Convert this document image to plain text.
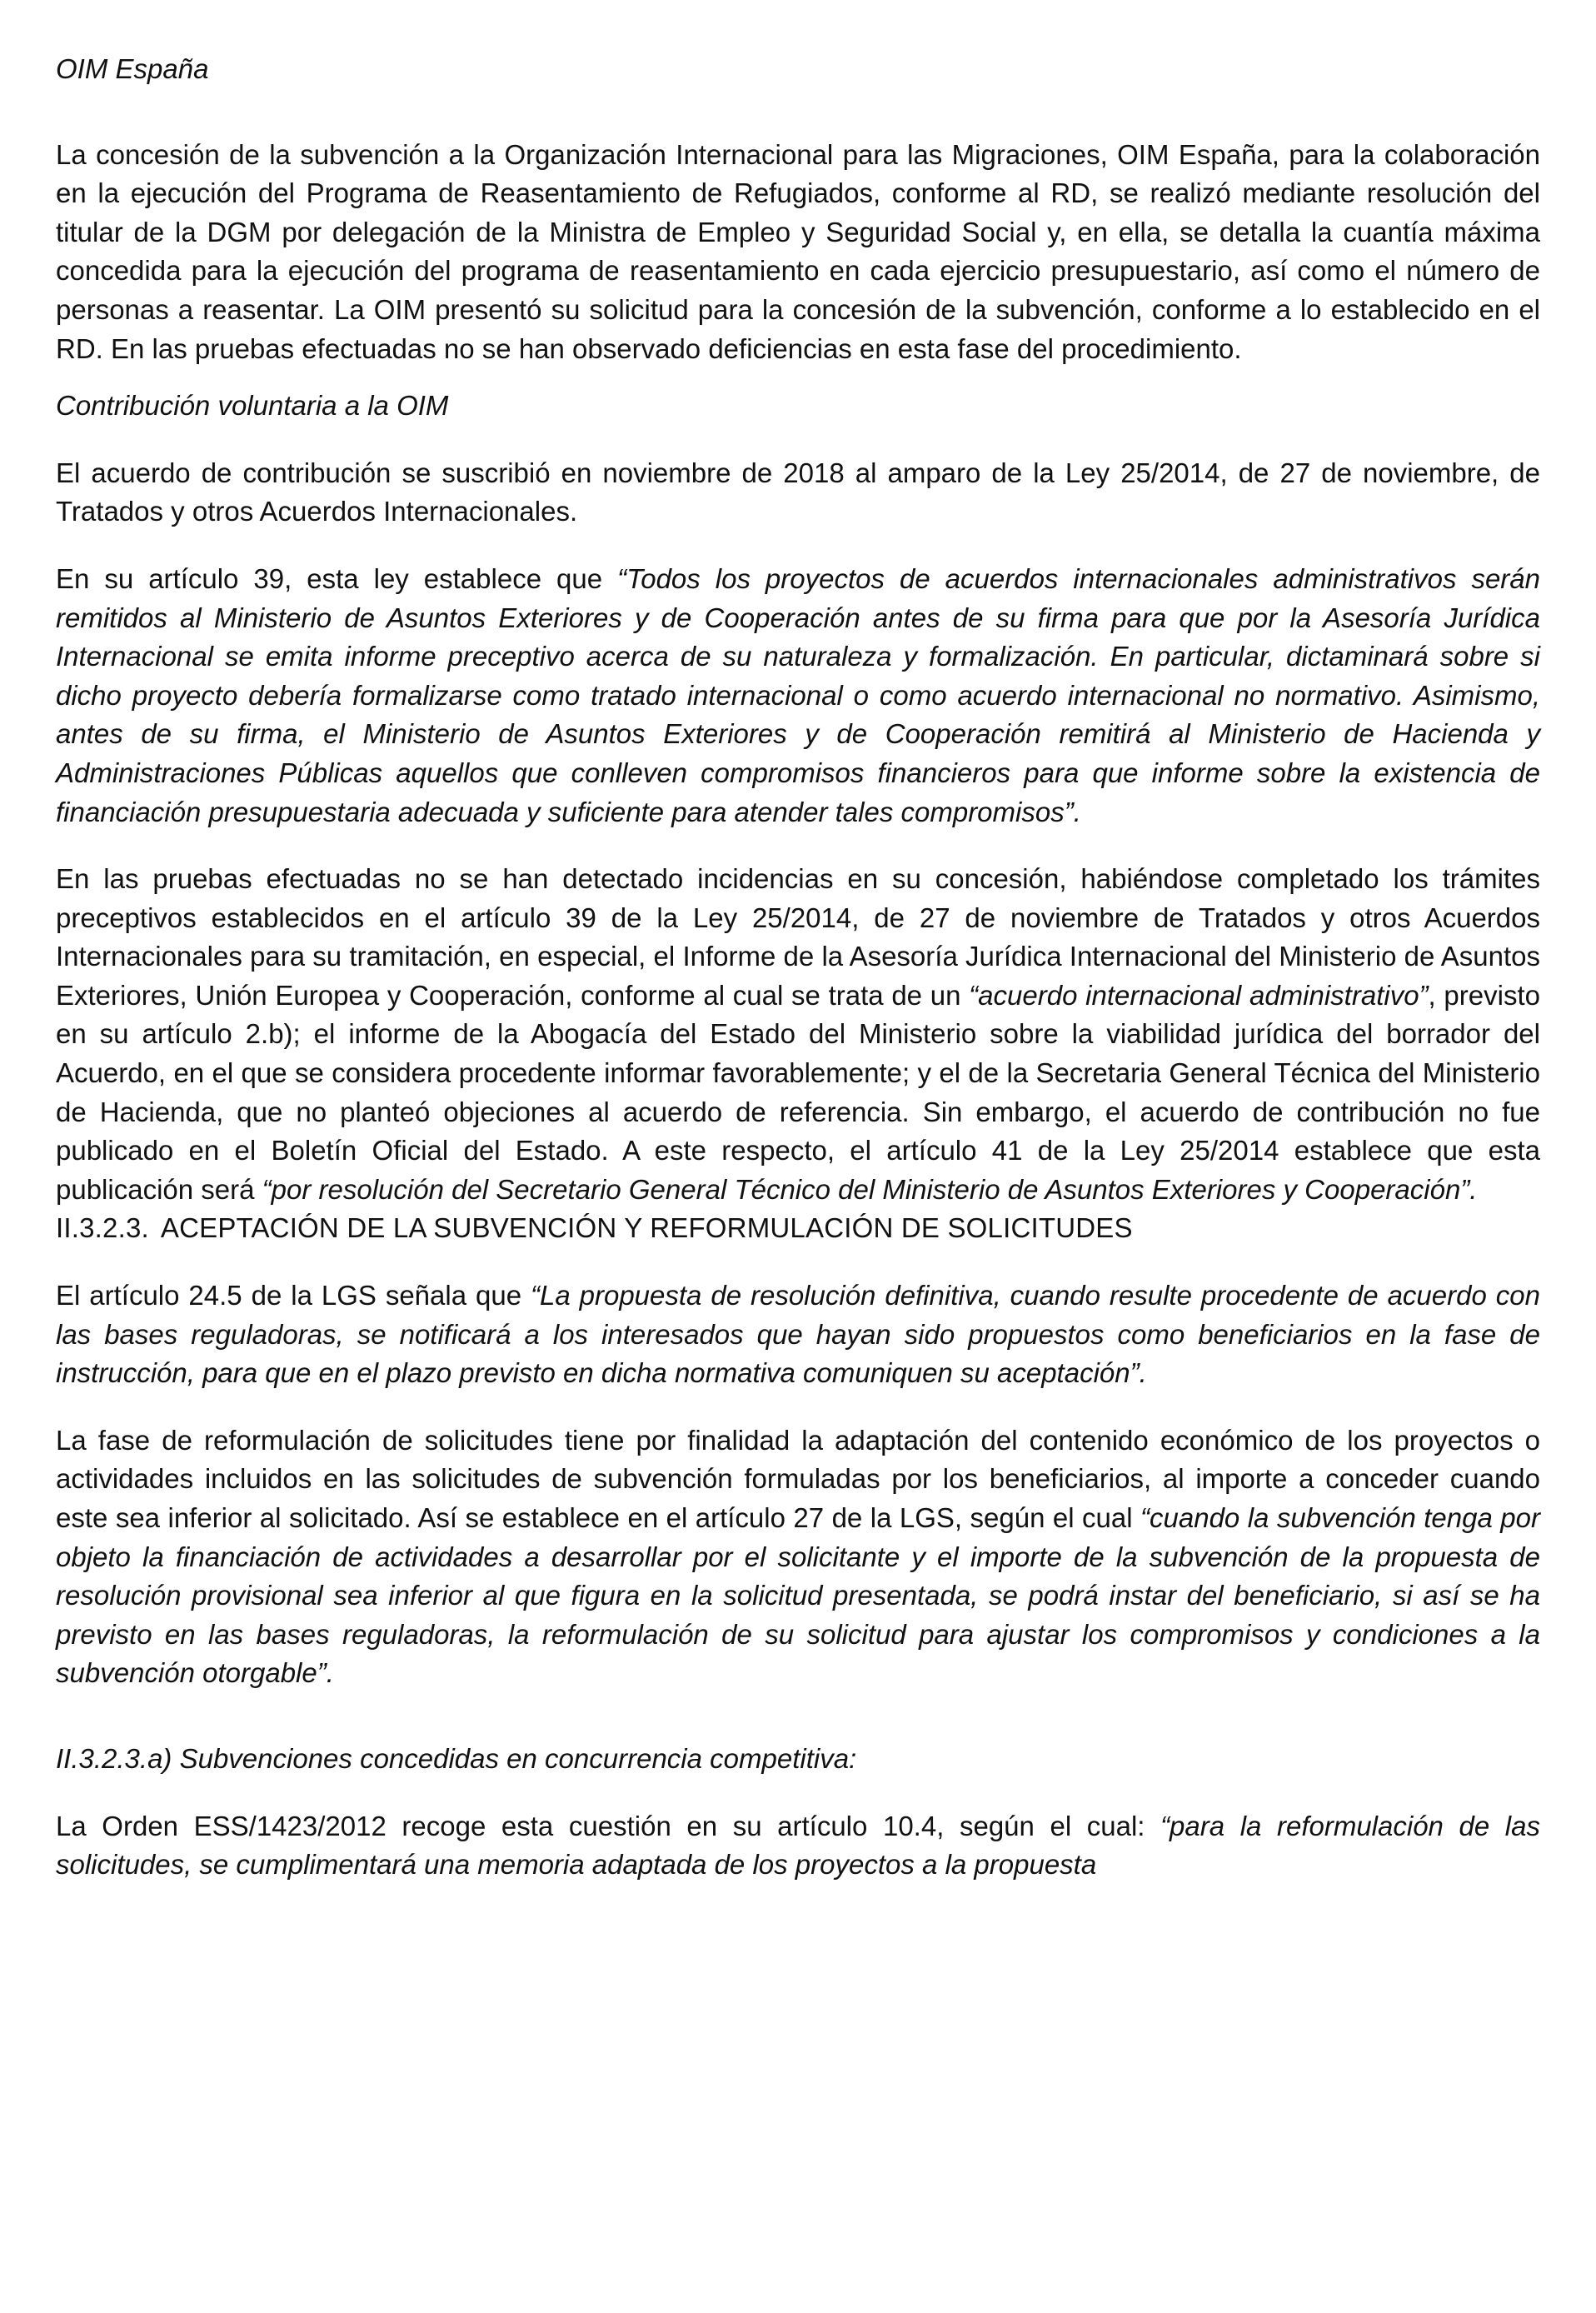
OIM España

La concesión de la subvención a la Organización Internacional para las Migraciones, OIM España, para la colaboración en la ejecución del Programa de Reasentamiento de Refugiados, conforme al RD, se realizó mediante resolución del titular de la DGM por delegación de la Ministra de Empleo y Seguridad Social y, en ella, se detalla la cuantía máxima concedida para la ejecución del programa de reasentamiento en cada ejercicio presupuestario, así como el número de personas a reasentar. La OIM presentó su solicitud para la concesión de la subvención, conforme a lo establecido en el RD. En las pruebas efectuadas no se han observado deficiencias en esta fase del procedimiento.

Contribución voluntaria a la OIM

El acuerdo de contribución se suscribió en noviembre de 2018 al amparo de la Ley 25/2014, de 27 de noviembre, de Tratados y otros Acuerdos Internacionales.

En su artículo 39, esta ley establece que “Todos los proyectos de acuerdos internacionales administrativos serán remitidos al Ministerio de Asuntos Exteriores y de Cooperación antes de su firma para que por la Asesoría Jurídica Internacional se emita informe preceptivo acerca de su naturaleza y formalización. En particular, dictaminará sobre si dicho proyecto debería formalizarse como tratado internacional o como acuerdo internacional no normativo. Asimismo, antes de su firma, el Ministerio de Asuntos Exteriores y de Cooperación remitirá al Ministerio de Hacienda y Administraciones Públicas aquellos que conlleven compromisos financieros para que informe sobre la existencia de financiación presupuestaria adecuada y suficiente para atender tales compromisos”.

En las pruebas efectuadas no se han detectado incidencias en su concesión, habiéndose completado los trámites preceptivos establecidos en el artículo 39 de la Ley 25/2014, de 27 de noviembre de Tratados y otros Acuerdos Internacionales para su tramitación, en especial, el Informe de la Asesoría Jurídica Internacional del Ministerio de Asuntos Exteriores, Unión Europea y Cooperación, conforme al cual se trata de un “acuerdo internacional administrativo”, previsto en su artículo 2.b); el informe de la Abogacía del Estado del Ministerio sobre la viabilidad jurídica del borrador del Acuerdo, en el que se considera procedente informar favorablemente; y el de la Secretaria General Técnica del Ministerio de Hacienda, que no planteó objeciones al acuerdo de referencia. Sin embargo, el acuerdo de contribución no fue publicado en el Boletín Oficial del Estado. A este respecto, el artículo 41 de la Ley 25/2014 establece que esta publicación será “por resolución del Secretario General Técnico del Ministerio de Asuntos Exteriores y Cooperación”.

II.3.2.3. ACEPTACIÓN DE LA SUBVENCIÓN Y REFORMULACIÓN DE SOLICITUDES

El artículo 24.5 de la LGS señala que “La propuesta de resolución definitiva, cuando resulte procedente de acuerdo con las bases reguladoras, se notificará a los interesados que hayan sido propuestos como beneficiarios en la fase de instrucción, para que en el plazo previsto en dicha normativa comuniquen su aceptación”.

La fase de reformulación de solicitudes tiene por finalidad la adaptación del contenido económico de los proyectos o actividades incluidos en las solicitudes de subvención formuladas por los beneficiarios, al importe a conceder cuando este sea inferior al solicitado. Así se establece en el artículo 27 de la LGS, según el cual “cuando la subvención tenga por objeto la financiación de actividades a desarrollar por el solicitante y el importe de la subvención de la propuesta de resolución provisional sea inferior al que figura en la solicitud presentada, se podrá instar del beneficiario, si así se ha previsto en las bases reguladoras, la reformulación de su solicitud para ajustar los compromisos y condiciones a la subvención otorgable”.

II.3.2.3.a) Subvenciones concedidas en concurrencia competitiva:

La Orden ESS/1423/2012 recoge esta cuestión en su artículo 10.4, según el cual: “para la reformulación de las solicitudes, se cumplimentará una memoria adaptada de los proyectos a la propuesta
